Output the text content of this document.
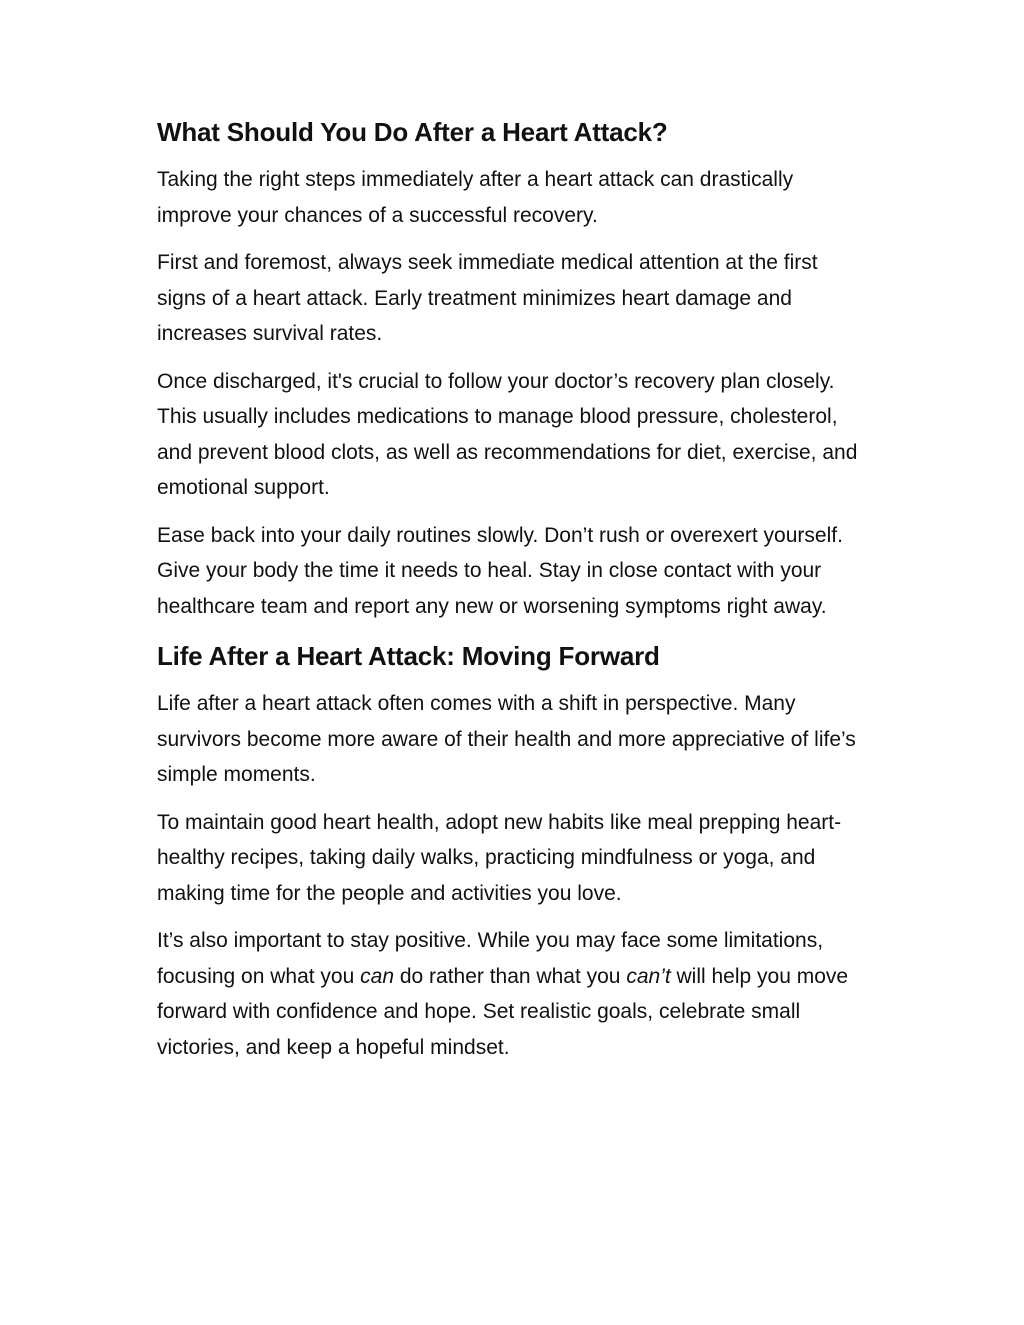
What Should You Do After a Heart Attack?

Taking the right steps immediately after a heart attack can drastically improve your chances of a successful recovery.

First and foremost, always seek immediate medical attention at the first signs of a heart attack. Early treatment minimizes heart damage and increases survival rates.

Once discharged, it's crucial to follow your doctor’s recovery plan closely. This usually includes medications to manage blood pressure, cholesterol, and prevent blood clots, as well as recommendations for diet, exercise, and emotional support.

Ease back into your daily routines slowly. Don’t rush or overexert yourself. Give your body the time it needs to heal. Stay in close contact with your healthcare team and report any new or worsening symptoms right away.

Life After a Heart Attack: Moving Forward

Life after a heart attack often comes with a shift in perspective. Many survivors become more aware of their health and more appreciative of life’s simple moments.

To maintain good heart health, adopt new habits like meal prepping heart-healthy recipes, taking daily walks, practicing mindfulness or yoga, and making time for the people and activities you love.

It’s also important to stay positive. While you may face some limitations, focusing on what you can do rather than what you can’t will help you move forward with confidence and hope. Set realistic goals, celebrate small victories, and keep a hopeful mindset.
